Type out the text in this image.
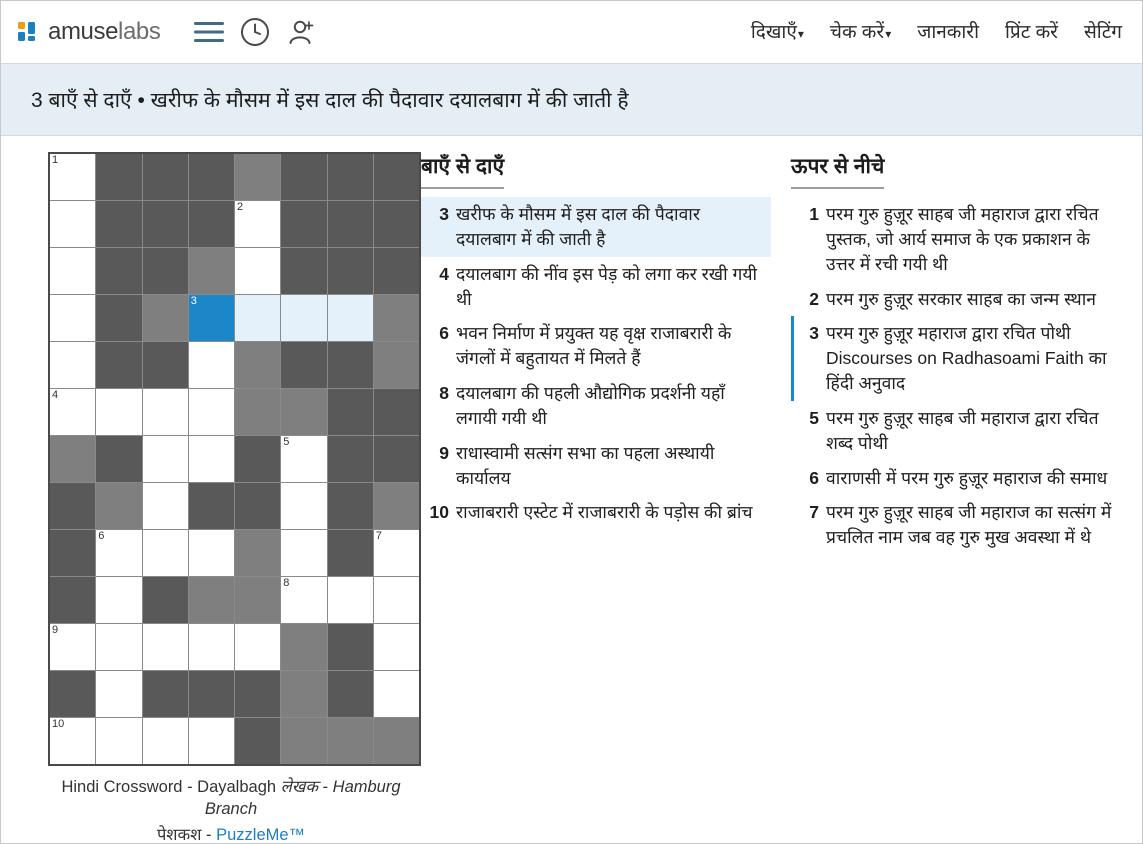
amuselabs	दिखाएँ▾ चेक करें▾ जानकारी प्रिंट करें सेटिंग
3 बाएँ से दाएँ • खरीफ के मौसम में इस दाल की पैदावार दयालबाग में की जाती है
1							

				2			

			3				

4							

					5		

	6						7

					8		

9							

10							

Hindi Crossword - Dayalbagh लेखक - Hamburg Branch
पेशकश - PuzzleMe™
बाएँ से दाएँ
3 खरीफ के मौसम में इस दाल की पैदावार दयालबाग में की जाती है
4 दयालबाग की नींव इस पेड़ को लगा कर रखी गयी थी
6 भवन निर्माण में प्रयुक्त यह वृक्ष राजाबरारी के जंगलों में बहुतायत में मिलते हैं
8 दयालबाग की पहली औद्योगिक प्रदर्शनी यहाँ लगायी गयी थी
9 राधास्वामी सत्संग सभा का पहला अस्थायी कार्यालय
10 राजाबरारी एस्टेट में राजाबरारी के पड़ोस की ब्रांच
ऊपर से नीचे
1 परम गुरु हुज़ूर साहब जी महाराज द्वारा रचित पुस्तक, जो आर्य समाज के एक प्रकाशन के उत्तर में रची गयी थी
2 परम गुरु हुज़ूर सरकार साहब का जन्म स्थान
3 परम गुरु हुज़ूर महाराज द्वारा रचित पोथी Discourses on Radhasoami Faith का हिंदी अनुवाद
5 परम गुरु हुज़ूर साहब जी महाराज द्वारा रचित शब्द पोथी
6 वाराणसी में परम गुरु हुज़ूर महाराज की समाध
7 परम गुरु हुज़ूर साहब जी महाराज का सत्संग में प्रचलित नाम जब वह गुरु मुख अवस्था में थे
